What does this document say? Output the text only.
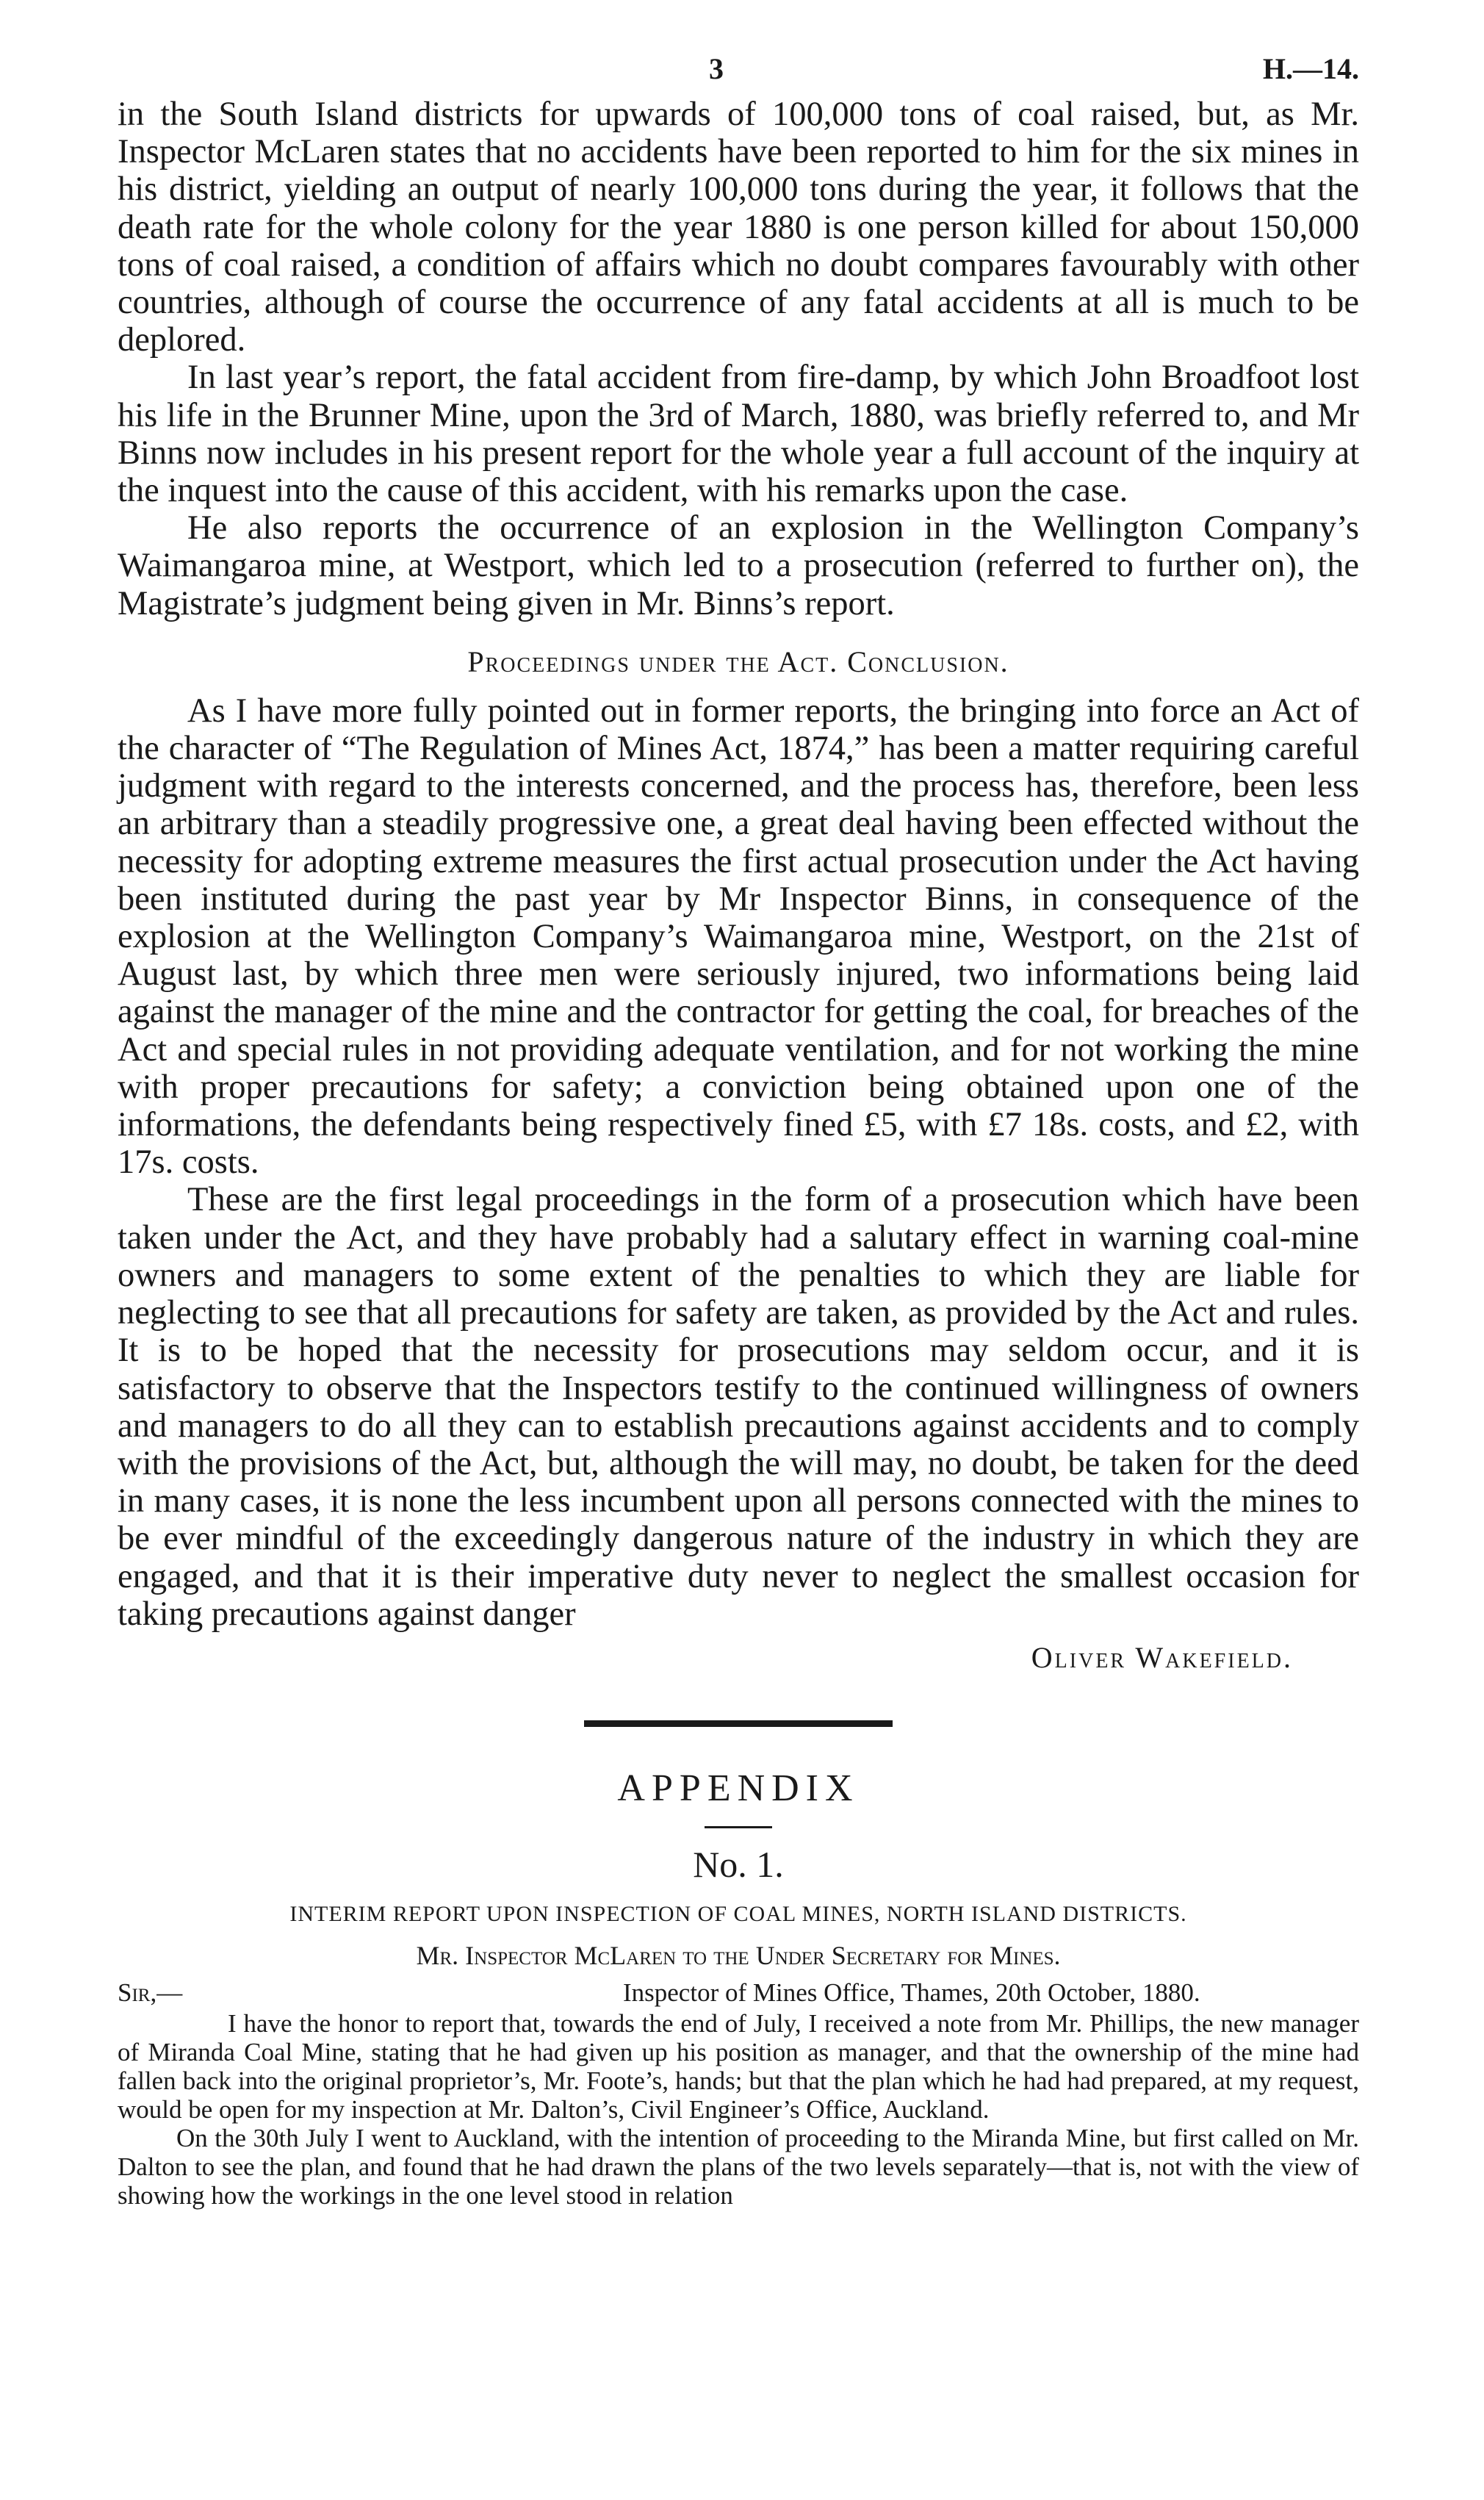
3	H.—14.

in the South Island districts for upwards of 100,000 tons of coal raised, but, as Mr. Inspector McLaren states that no accidents have been reported to him for the six mines in his district, yielding an output of nearly 100,000 tons during the year, it follows that the death rate for the whole colony for the year 1880 is one person killed for about 150,000 tons of coal raised, a condition of affairs which no doubt compares favourably with other countries, although of course the occurrence of any fatal accidents at all is much to be deplored.

In last year’s report, the fatal accident from fire-damp, by which John Broadfoot lost his life in the Brunner Mine, upon the 3rd of March, 1880, was briefly referred to, and Mr Binns now includes in his present report for the whole year a full account of the inquiry at the inquest into the cause of this accident, with his remarks upon the case.

He also reports the occurrence of an explosion in the Wellington Company’s Waimangaroa mine, at Westport, which led to a prosecution (referred to further on), the Magistrate’s judgment being given in Mr. Binns’s report.

Proceedings under the Act. Conclusion.

As I have more fully pointed out in former reports, the bringing into force an Act of the character of “The Regulation of Mines Act, 1874,” has been a matter requiring careful judgment with regard to the interests concerned, and the process has, therefore, been less an arbitrary than a steadily progressive one, a great deal having been effected without the necessity for adopting extreme measures the first actual prosecution under the Act having been instituted during the past year by Mr Inspector Binns, in consequence of the explosion at the Wellington Company’s Waimangaroa mine, Westport, on the 21st of August last, by which three men were seriously injured, two informations being laid against the manager of the mine and the contractor for getting the coal, for breaches of the Act and special rules in not providing adequate ventilation, and for not working the mine with proper precautions for safety; a conviction being obtained upon one of the informations, the defendants being respectively fined £5, with £7 18s. costs, and £2, with 17s. costs.

These are the first legal proceedings in the form of a prosecution which have been taken under the Act, and they have probably had a salutary effect in warning coal-mine owners and managers to some extent of the penalties to which they are liable for neglecting to see that all precautions for safety are taken, as provided by the Act and rules. It is to be hoped that the necessity for prosecutions may seldom occur, and it is satisfactory to observe that the Inspectors testify to the continued willingness of owners and managers to do all they can to establish precautions against accidents and to comply with the provisions of the Act, but, although the will may, no doubt, be taken for the deed in many cases, it is none the less incumbent upon all persons connected with the mines to be ever mindful of the exceedingly dangerous nature of the industry in which they are engaged, and that it is their imperative duty never to neglect the smallest occasion for taking precautions against danger

Oliver Wakefield.
APPENDIX
No. 1.
INTERIM REPORT UPON INSPECTION OF COAL MINES, NORTH ISLAND DISTRICTS.
Mr. Inspector McLaren to the Under Secretary for Mines.
Sir,—	Inspector of Mines Office, Thames, 20th October, 1880.

I have the honor to report that, towards the end of July, I received a note from Mr. Phillips, the new manager of Miranda Coal Mine, stating that he had given up his position as manager, and that the ownership of the mine had fallen back into the original proprietor’s, Mr. Foote’s, hands; but that the plan which he had had prepared, at my request, would be open for my inspection at Mr. Dalton’s, Civil Engineer’s Office, Auckland.

On the 30th July I went to Auckland, with the intention of proceeding to the Miranda Mine, but first called on Mr. Dalton to see the plan, and found that he had drawn the plans of the two levels separately—that is, not with the view of showing how the workings in the one level stood in relation
